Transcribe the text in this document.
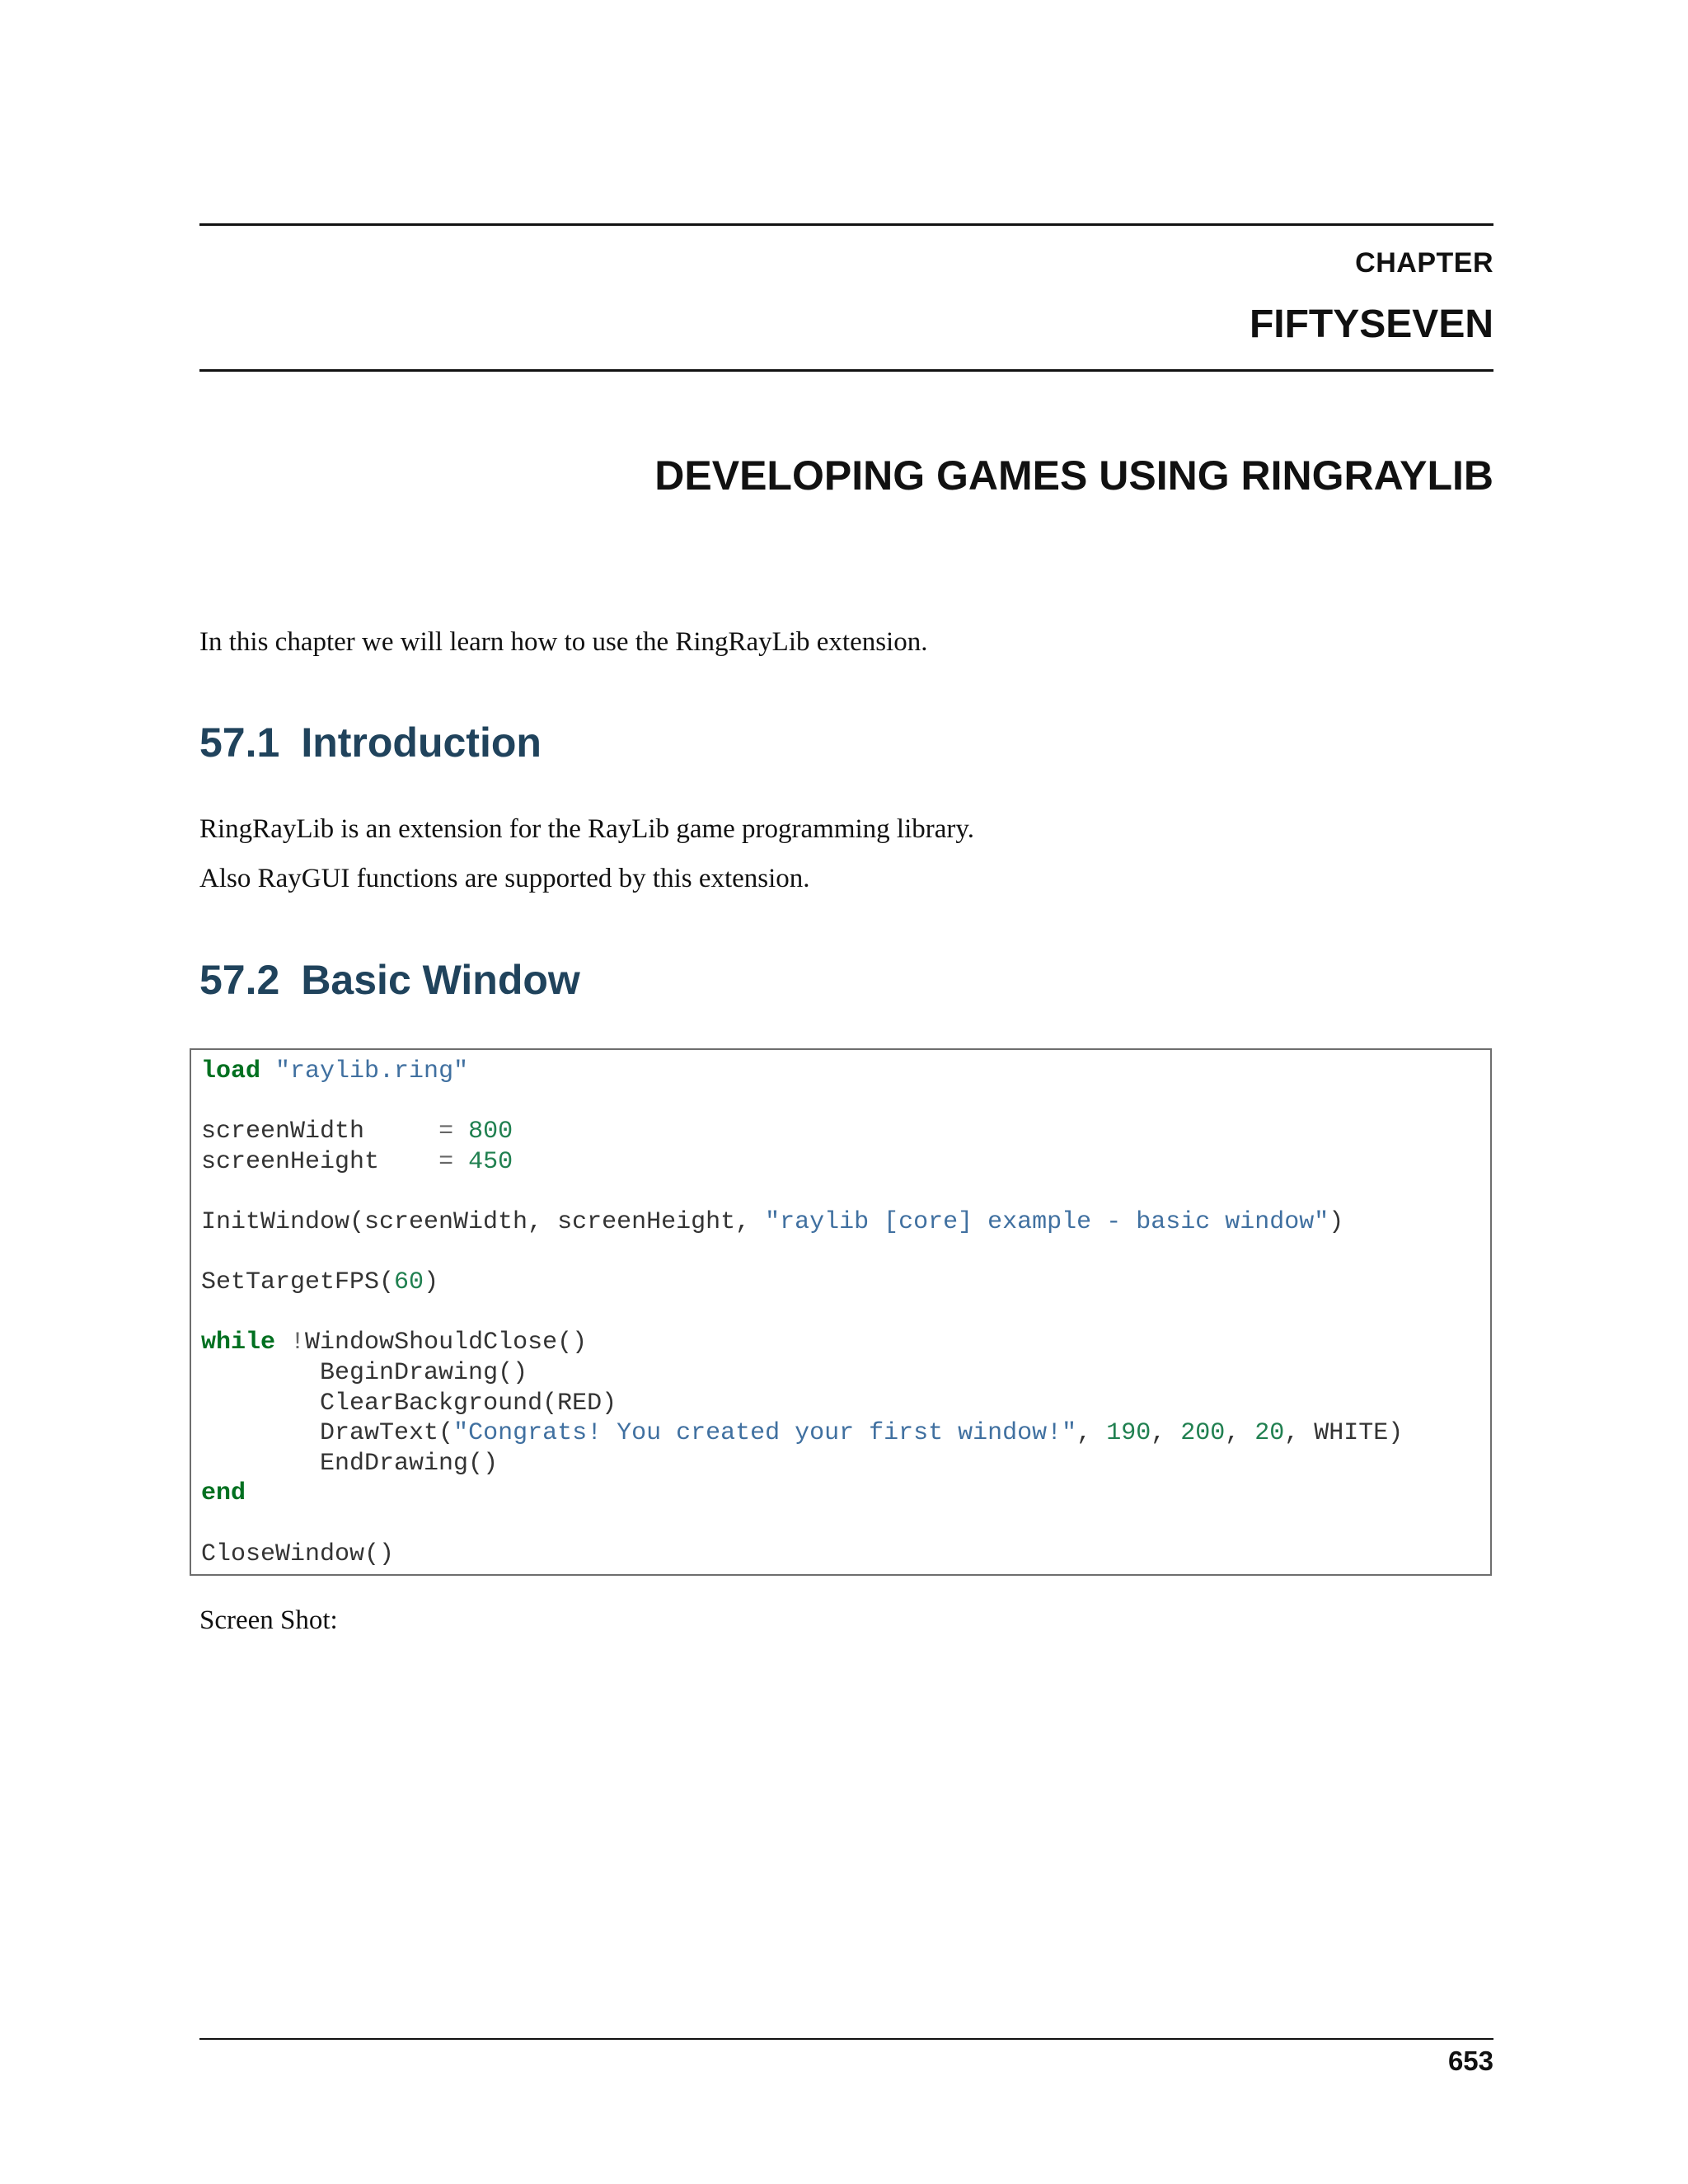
CHAPTER
FIFTYSEVEN
DEVELOPING GAMES USING RINGRAYLIB
In this chapter we will learn how to use the RingRayLib extension.
57.1 Introduction
RingRayLib is an extension for the RayLib game programming library.
Also RayGUI functions are supported by this extension.
57.2 Basic Window
load "raylib.ring"

screenWidth	= 800
screenHeight = 450

InitWindow(screenWidth, screenHeight, "raylib [core] example - basic window")

SetTargetFPS(60)

while !WindowShouldClose()
BeginDrawing()
ClearBackground(RED)
DrawText("Congrats! You created your first window!", 190, 200, 20, WHITE)
EndDrawing()
end

CloseWindow()
Screen Shot:
653
